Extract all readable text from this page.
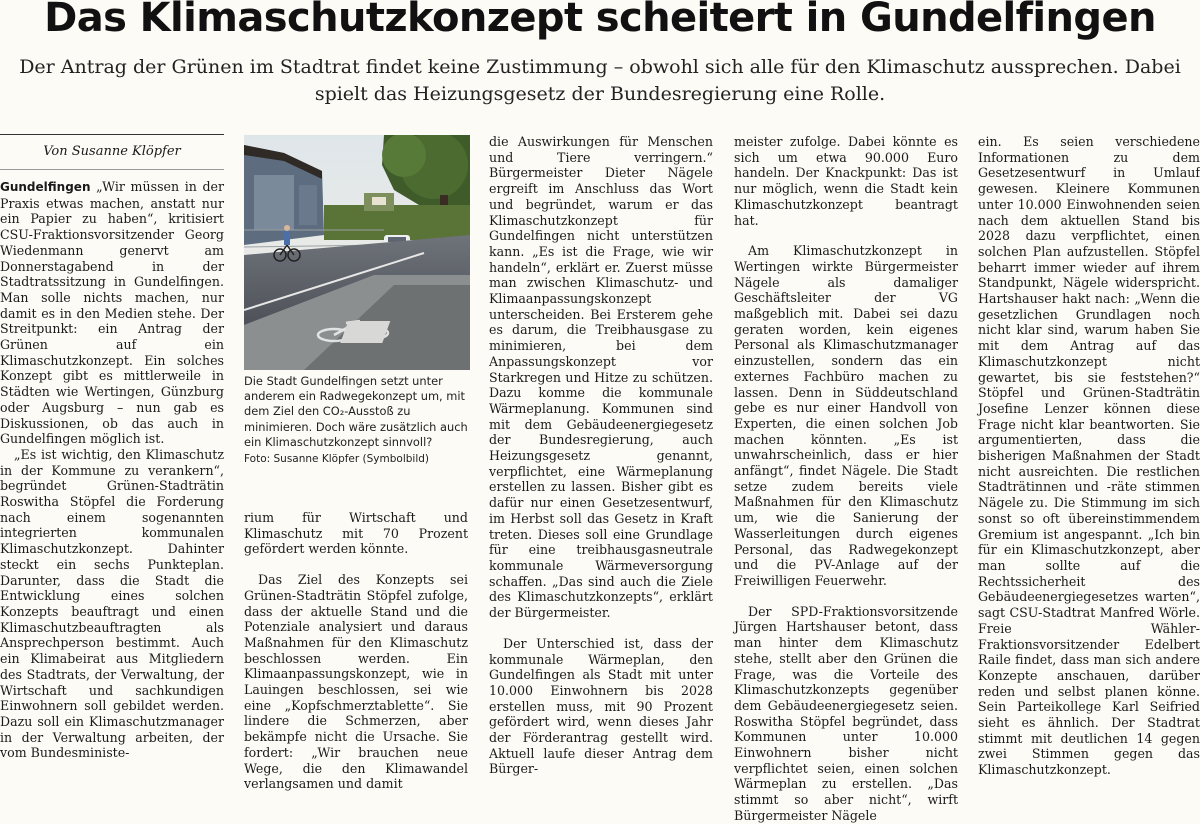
Das Klimaschutzkonzept scheitert in Gundelfingen

Der Antrag der Grünen im Stadtrat findet keine Zustimmung – obwohl sich alle für den Klimaschutz aussprechen. Dabei spielt das Heizungsgesetz der Bundesregierung eine Rolle.

Von Susanne Klöpfer

Gundelfingen „Wir müssen in der Praxis etwas machen, anstatt nur ein Papier zu haben“, kritisiert CSU-Fraktionsvorsitzender Georg Wiedenmann genervt am Donnerstagabend in der Stadtratssitzung in Gundelfingen. Man solle nichts machen, nur damit es in den Medien stehe. Der Streitpunkt: ein Antrag der Grünen auf ein Klimaschutzkonzept. Ein solches Konzept gibt es mittlerweile in Städten wie Wertingen, Günzburg oder Augsburg – nun gab es Diskussionen, ob das auch in Gundelfingen möglich ist.

„Es ist wichtig, den Klimaschutz in der Kommune zu verankern“, begründet Grünen-Stadträtin Roswitha Stöpfel die Forderung nach einem sogenannten integrierten kommunalen Klimaschutzkonzept. Dahinter steckt ein sechs Punkteplan. Darunter, dass die Stadt die Entwicklung eines solchen Konzepts beauftragt und einen Klimaschutzbeauftragten als Ansprechperson bestimmt. Auch ein Klimabeirat aus Mitgliedern des Stadtrats, der Verwaltung, der Wirtschaft und sachkundigen Einwohnern soll gebildet werden. Dazu soll ein Klimaschutzmanager in der Verwaltung arbeiten, der vom Bundesministe-

Die Stadt Gundelfingen setzt unter anderem ein Radwegekonzept um, mit dem Ziel den CO₂-Ausstoß zu minimieren. Doch wäre zusätzlich auch ein Klimaschutzkonzept sinnvoll?
Foto: Susanne Klöpfer (Symbolbild)

rium für Wirtschaft und Klimaschutz mit 70 Prozent gefördert werden könnte.

Das Ziel des Konzepts sei Grünen-Stadträtin Stöpfel zufolge, dass der aktuelle Stand und die Potenziale analysiert und daraus Maßnahmen für den Klimaschutz beschlossen werden. Ein Klimaanpassungskonzept, wie in Lauingen beschlossen, sei wie eine „Kopfschmerztablette“. Sie lindere die Schmerzen, aber bekämpfe nicht die Ursache. Sie fordert: „Wir brauchen neue Wege, die den Klimawandel verlangsamen und damit

die Auswirkungen für Menschen und Tiere verringern.“ Bürgermeister Dieter Nägele ergreift im Anschluss das Wort und begründet, warum er das Klimaschutzkonzept für Gundelfingen nicht unterstützen kann. „Es ist die Frage, wie wir handeln“, erklärt er. Zuerst müsse man zwischen Klimaschutz- und Klimaanpassungskonzept unterscheiden. Bei Ersterem gehe es darum, die Treibhausgase zu minimieren, bei dem Anpassungskonzept vor Starkregen und Hitze zu schützen. Dazu komme die kommunale Wärmeplanung. Kommunen sind mit dem Gebäudeenergiegesetz der Bundesregierung, auch Heizungsgesetz genannt, verpflichtet, eine Wärmeplanung erstellen zu lassen. Bisher gibt es dafür nur einen Gesetzesentwurf, im Herbst soll das Gesetz in Kraft treten. Dieses soll eine Grundlage für eine treibhausgasneutrale kommunale Wärmeversorgung schaffen. „Das sind auch die Ziele des Klimaschutzkonzepts“, erklärt der Bürgermeister.

Der Unterschied ist, dass der kommunale Wärmeplan, den Gundelfingen als Stadt mit unter 10.000 Einwohnern bis 2028 erstellen muss, mit 90 Prozent gefördert wird, wenn dieses Jahr der Förderantrag gestellt wird. Aktuell laufe dieser Antrag dem Bürger-

meister zufolge. Dabei könnte es sich um etwa 90.000 Euro handeln. Der Knackpunkt: Das ist nur möglich, wenn die Stadt kein Klimaschutzkonzept beantragt hat.

Am Klimaschutzkonzept in Wertingen wirkte Bürgermeister Nägele als damaliger Geschäftsleiter der VG maßgeblich mit. Dabei sei dazu geraten worden, kein eigenes Personal als Klimaschutzmanager einzustellen, sondern das ein externes Fachbüro machen zu lassen. Denn in Süddeutschland gebe es nur einer Handvoll von Experten, die einen solchen Job machen könnten. „Es ist unwahrscheinlich, dass er hier anfängt“, findet Nägele. Die Stadt setze zudem bereits viele Maßnahmen für den Klimaschutz um, wie die Sanierung der Wasserleitungen durch eigenes Personal, das Radwegekonzept und die PV-Anlage auf der Freiwilligen Feuerwehr.

Der SPD-Fraktionsvorsitzende Jürgen Hartshauser betont, dass man hinter dem Klimaschutz stehe, stellt aber den Grünen die Frage, was die Vorteile des Klimaschutzkonzepts gegenüber dem Gebäudeenergiegesetz seien. Roswitha Stöpfel begründet, dass Kommunen unter 10.000 Einwohnern bisher nicht verpflichtet seien, einen solchen Wärmeplan zu erstellen. „Das stimmt so aber nicht“, wirft Bürgermeister Nägele

ein. Es seien verschiedene Informationen zu dem Gesetzesentwurf in Umlauf gewesen. Kleinere Kommunen unter 10.000 Einwohnenden seien nach dem aktuellen Stand bis 2028 dazu verpflichtet, einen solchen Plan aufzustellen. Stöpfel beharrt immer wieder auf ihrem Standpunkt, Nägele widerspricht. Hartshauser hakt nach: „Wenn die gesetzlichen Grundlagen noch nicht klar sind, warum haben Sie mit dem Antrag auf das Klimaschutzkonzept nicht gewartet, bis sie feststehen?“ Stöpfel und Grünen-Stadträtin Josefine Lenzer können diese Frage nicht klar beantworten. Sie argumentierten, dass die bisherigen Maßnahmen der Stadt nicht ausreichten. Die restlichen Stadträtinnen und -räte stimmen Nägele zu. Die Stimmung im sich sonst so oft übereinstimmendem Gremium ist angespannt. „Ich bin für ein Klimaschutzkonzept, aber man sollte auf die Rechtssicherheit des Gebäudeenergiegesetzes warten“, sagt CSU-Stadtrat Manfred Wörle. Freie Wähler-Fraktionsvorsitzender Edelbert Raile findet, dass man sich andere Konzepte anschauen, darüber reden und selbst planen könne. Sein Parteikollege Karl Seifried sieht es ähnlich. Der Stadtrat stimmt mit deutlichen 14 gegen zwei Stimmen gegen das Klimaschutzkonzept.
